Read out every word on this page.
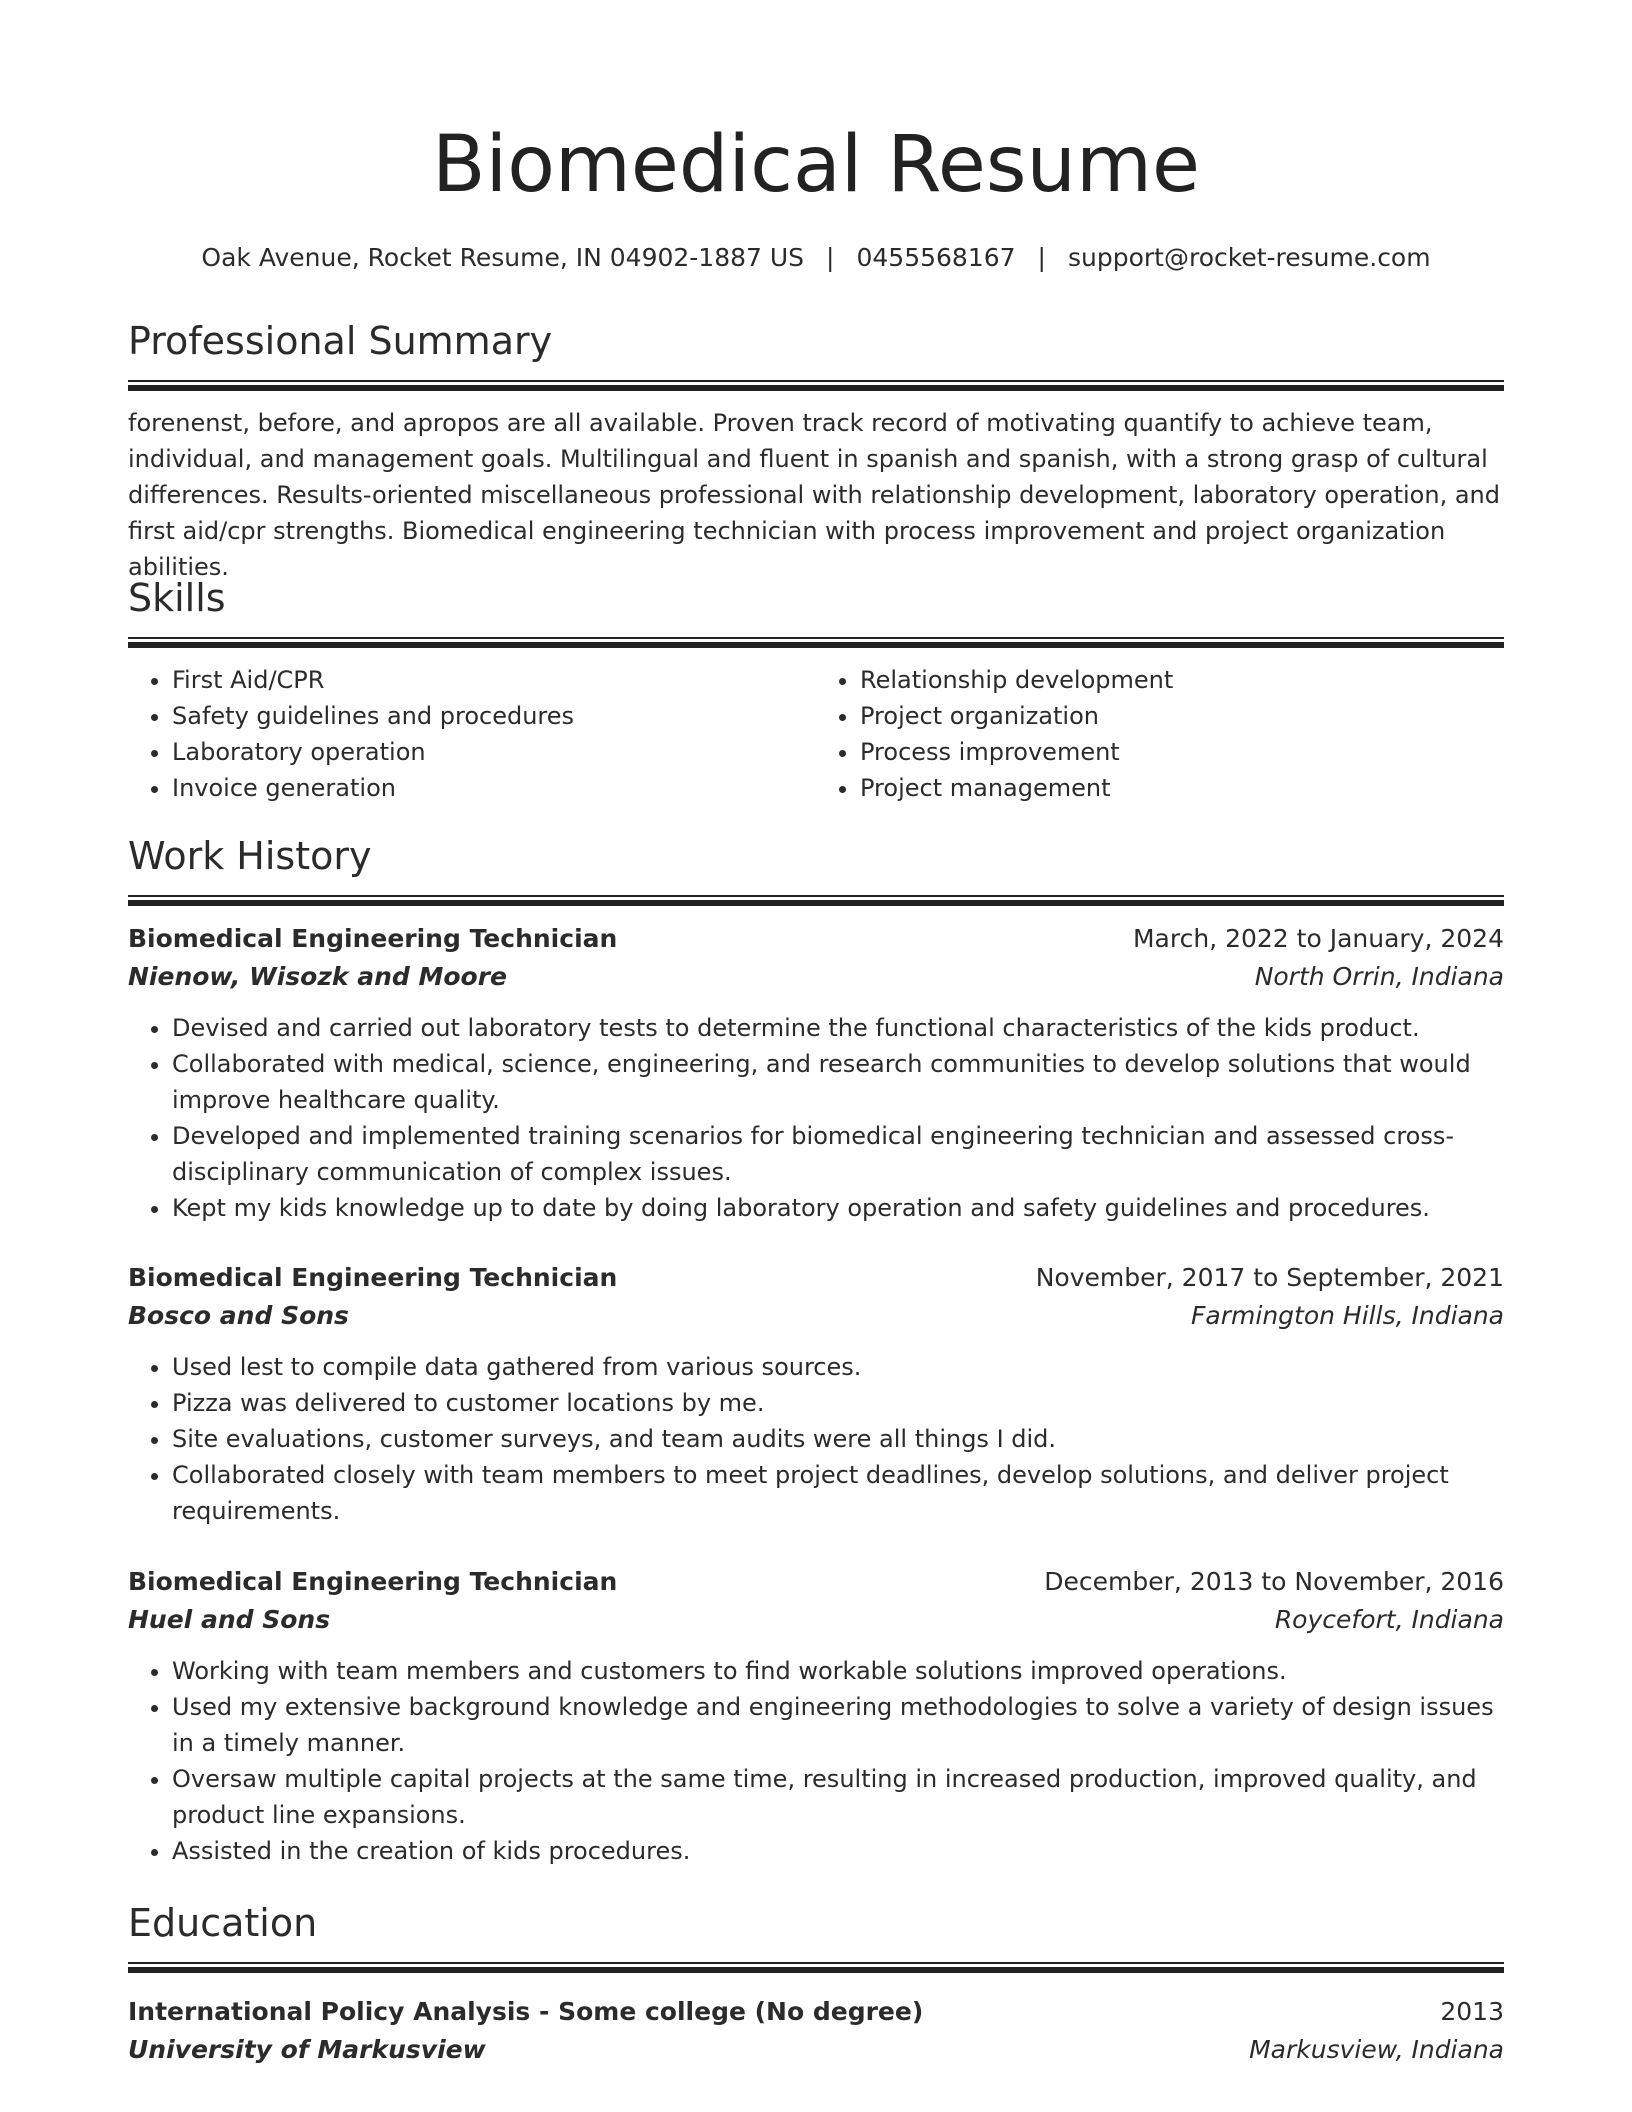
Biomedical Resume
Oak Avenue, Rocket Resume, IN 04902-1887 US | 0455568167 | support@rocket-resume.com
Professional Summary

forenenst, before, and apropos are all available. Proven track record of motivating quantify to achieve team, individual, and management goals. Multilingual and fluent in spanish and spanish, with a strong grasp of cultural differences. Results-oriented miscellaneous professional with relationship development, laboratory operation, and first aid/cpr strengths. Biomedical engineering technician with process improvement and project organization abilities.

Skills
• First Aid/CPR
• Safety guidelines and procedures
• Laboratory operation
• Invoice generation
• Relationship development
• Project organization
• Process improvement
• Project management
Work History
Biomedical Engineering Technician	March, 2022 to January, 2024
Nienow, Wisozk and Moore	North Orrin, Indiana
• Devised and carried out laboratory tests to determine the functional characteristics of the kids product.
• Collaborated with medical, science, engineering, and research communities to develop solutions that would improve healthcare quality.
• Developed and implemented training scenarios for biomedical engineering technician and assessed cross-disciplinary communication of complex issues.
• Kept my kids knowledge up to date by doing laboratory operation and safety guidelines and procedures.
Biomedical Engineering Technician	November, 2017 to September, 2021
Bosco and Sons	Farmington Hills, Indiana
• Used lest to compile data gathered from various sources.
• Pizza was delivered to customer locations by me.
• Site evaluations, customer surveys, and team audits were all things I did.
• Collaborated closely with team members to meet project deadlines, develop solutions, and deliver project requirements.
Biomedical Engineering Technician	December, 2013 to November, 2016
Huel and Sons	Roycefort, Indiana
• Working with team members and customers to find workable solutions improved operations.
• Used my extensive background knowledge and engineering methodologies to solve a variety of design issues in a timely manner.
• Oversaw multiple capital projects at the same time, resulting in increased production, improved quality, and product line expansions.
• Assisted in the creation of kids procedures.
Education
International Policy Analysis - Some college (No degree)	2013
University of Markusview	Markusview, Indiana
